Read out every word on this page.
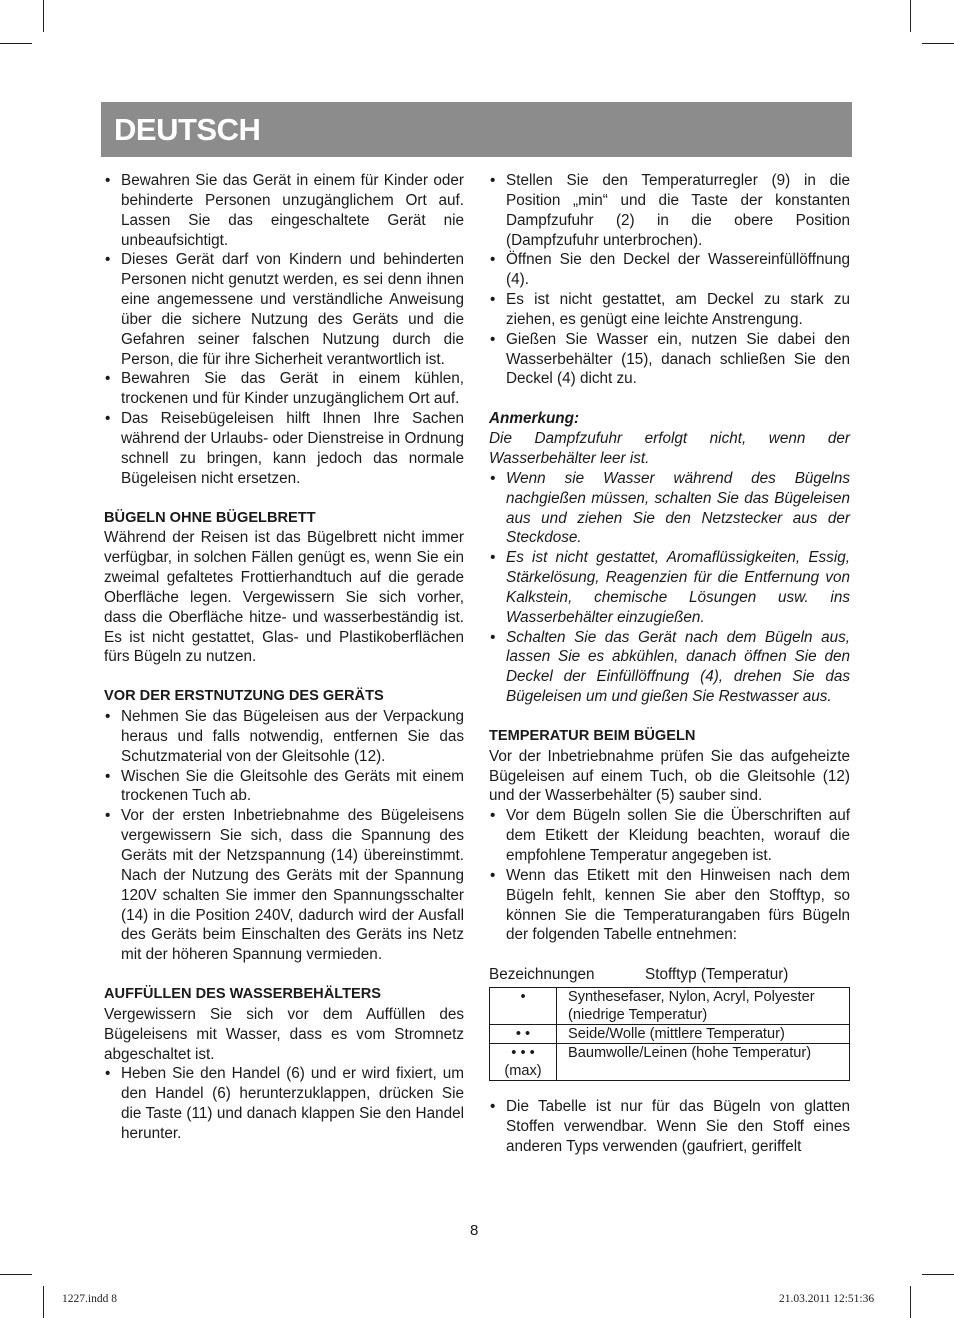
DEUTSCH
• Bewahren Sie das Gerät in einem für Kinder oder behinderte Personen unzugänglichem Ort auf. Lassen Sie das eingeschaltete Gerät nie unbeaufsichtigt.
• Dieses Gerät darf von Kindern und behinderten Personen nicht genutzt werden, es sei denn ihnen eine angemessene und verständliche Anweisung über die sichere Nutzung des Geräts und die Gefahren seiner falschen Nutzung durch die Person, die für ihre Sicherheit verantwortlich ist.
• Bewahren Sie das Gerät in einem kühlen, trockenen und für Kinder unzugänglichem Ort auf.
• Das Reisebügeleisen hilft Ihnen Ihre Sachen während der Urlaubs- oder Dienstreise in Ordnung schnell zu bringen, kann jedoch das normale Bügeleisen nicht ersetzen.
BÜGELN OHNE BÜGELBRETT

Während der Reisen ist das Bügelbrett nicht immer verfügbar, in solchen Fällen genügt es, wenn Sie ein zweimal gefaltetes Frottierhandtuch auf die gerade Oberfläche legen. Vergewissern Sie sich vorher, dass die Oberfläche hitze- und wasserbeständig ist. Es ist nicht gestattet, Glas- und Plastikoberflächen fürs Bügeln zu nutzen.

VOR DER ERSTNUTZUNG DES GERÄTS
• Nehmen Sie das Bügeleisen aus der Verpackung heraus und falls notwendig, entfernen Sie das Schutzmaterial von der Gleitsohle (12).
• Wischen Sie die Gleitsohle des Geräts mit einem trockenen Tuch ab.
• Vor der ersten Inbetriebnahme des Bügeleisens vergewissern Sie sich, dass die Spannung des Geräts mit der Netzspannung (14) übereinstimmt. Nach der Nutzung des Geräts mit der Spannung 120V schalten Sie immer den Spannungsschalter (14) in die Position 240V, dadurch wird der Ausfall des Geräts beim Einschalten des Geräts ins Netz mit der höheren Spannung vermieden.
AUFFÜLLEN DES WASSERBEHÄLTERS

Vergewissern Sie sich vor dem Auffüllen des Bügeleisens mit Wasser, dass es vom Stromnetz abgeschaltet ist.

• Heben Sie den Handel (6) und er wird fixiert, um den Handel (6) herunterzuklappen, drücken Sie die Taste (11) und danach klappen Sie den Handel herunter.
• Stellen Sie den Temperaturregler (9) in die Position „min“ und die Taste der konstanten Dampfzufuhr (2) in die obere Position (Dampfzufuhr unterbrochen).
• Öffnen Sie den Deckel der Wassereinfüllöffnung (4).
• Es ist nicht gestattet, am Deckel zu stark zu ziehen, es genügt eine leichte Anstrengung.
• Gießen Sie Wasser ein, nutzen Sie dabei den Wasserbehälter (15), danach schließen Sie den Deckel (4) dicht zu.
Anmerkung:

Die Dampfzufuhr erfolgt nicht, wenn der Wasserbehälter leer ist.

• Wenn sie Wasser während des Bügelns nachgießen müssen, schalten Sie das Bügeleisen aus und ziehen Sie den Netzstecker aus der Steckdose.
• Es ist nicht gestattet, Aromaflüssigkeiten, Essig, Stärkelösung, Reagenzien für die Entfernung von Kalkstein, chemische Lösungen usw. ins Wasserbehälter einzugießen.
• Schalten Sie das Gerät nach dem Bügeln aus, lassen Sie es abkühlen, danach öffnen Sie den Deckel der Einfüllöffnung (4), drehen Sie das Bügeleisen um und gießen Sie Restwasser aus.
TEMPERATUR BEIM BÜGELN

Vor der Inbetriebnahme prüfen Sie das aufgeheizte Bügeleisen auf einem Tuch, ob die Gleitsohle (12) und der Wasserbehälter (5) sauber sind.

• Vor dem Bügeln sollen Sie die Überschriften auf dem Etikett der Kleidung beachten, worauf die empfohlene Temperatur angegeben ist.
• Wenn das Etikett mit den Hinweisen nach dem Bügeln fehlt, kennen Sie aber den Stofftyp, so können Sie die Temperaturangaben fürs Bügeln der folgenden Tabelle entnehmen:
Bezeichnungen	Stofftyp (Temperatur)
•	Synthesefaser, Nylon, Acryl, Polyester (niedrige Temperatur)
• •	Seide/Wolle (mittlere Temperatur)
• • •
(max)	Baumwolle/Leinen (hohe Temperatur)
• Die Tabelle ist nur für das Bügeln von glatten Stoffen verwendbar. Wenn Sie den Stoff eines anderen Typs verwenden (gaufriert, geriffelt
8
1227.indd 8	21.03.2011 12:51:36
